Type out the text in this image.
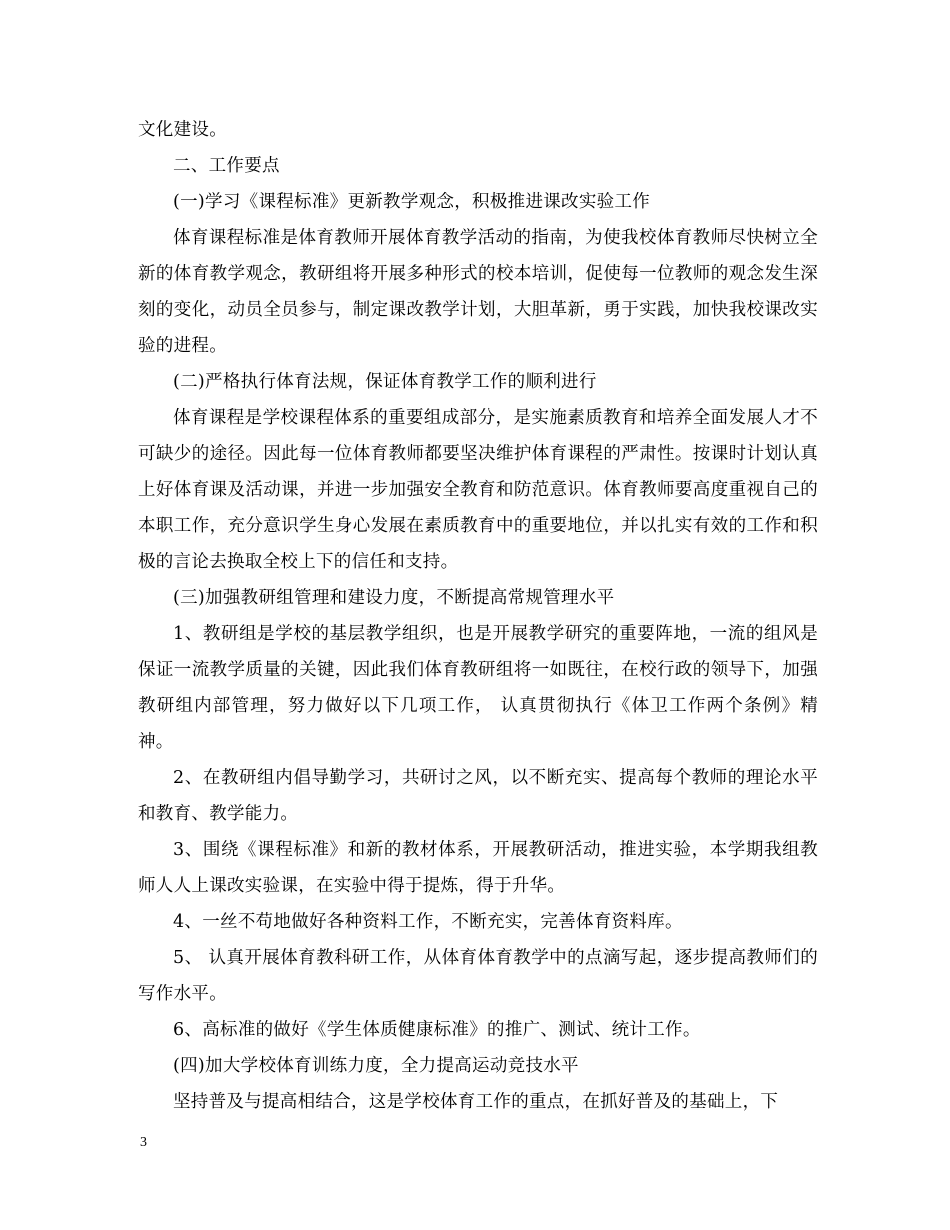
文化建设。

二、工作要点

(一)学习《课程标准》更新教学观念，积极推进课改实验工作

体育课程标准是体育教师开展体育教学活动的指南，为使我校体育教师尽快树立全新的体育教学观念，教研组将开展多种形式的校本培训，促使每一位教师的观念发生深刻的变化，动员全员参与，制定课改教学计划，大胆革新，勇于实践，加快我校课改实验的进程。

(二)严格执行体育法规，保证体育教学工作的顺利进行

体育课程是学校课程体系的重要组成部分，是实施素质教育和培养全面发展人才不可缺少的途径。因此每一位体育教师都要坚决维护体育课程的严肃性。按课时计划认真上好体育课及活动课，并进一步加强安全教育和防范意识。体育教师要高度重视自己的本职工作，充分意识学生身心发展在素质教育中的重要地位，并以扎实有效的工作和积极的言论去换取全校上下的信任和支持。

(三)加强教研组管理和建设力度，不断提高常规管理水平

1、教研组是学校的基层教学组织，也是开展教学研究的重要阵地，一流的组风是保证一流教学质量的关键，因此我们体育教研组将一如既往，在校行政的领导下，加强教研组内部管理，努力做好以下几项工作， 认真贯彻执行《体卫工作两个条例》精神。

2、在教研组内倡导勤学习，共研讨之风，以不断充实、提高每个教师的理论水平和教育、教学能力。

3、围绕《课程标准》和新的教材体系，开展教研活动，推进实验，本学期我组教师人人上课改实验课，在实验中得于提炼，得于升华。

4、一丝不苟地做好各种资料工作，不断充实，完善体育资料库。

5、 认真开展体育教科研工作，从体育体育教学中的点滴写起，逐步提高教师们的写作水平。

6、高标准的做好《学生体质健康标准》的推广、测试、统计工作。

(四)加大学校体育训练力度，全力提高运动竞技水平

坚持普及与提高相结合，这是学校体育工作的重点，在抓好普及的基础上，下

3
